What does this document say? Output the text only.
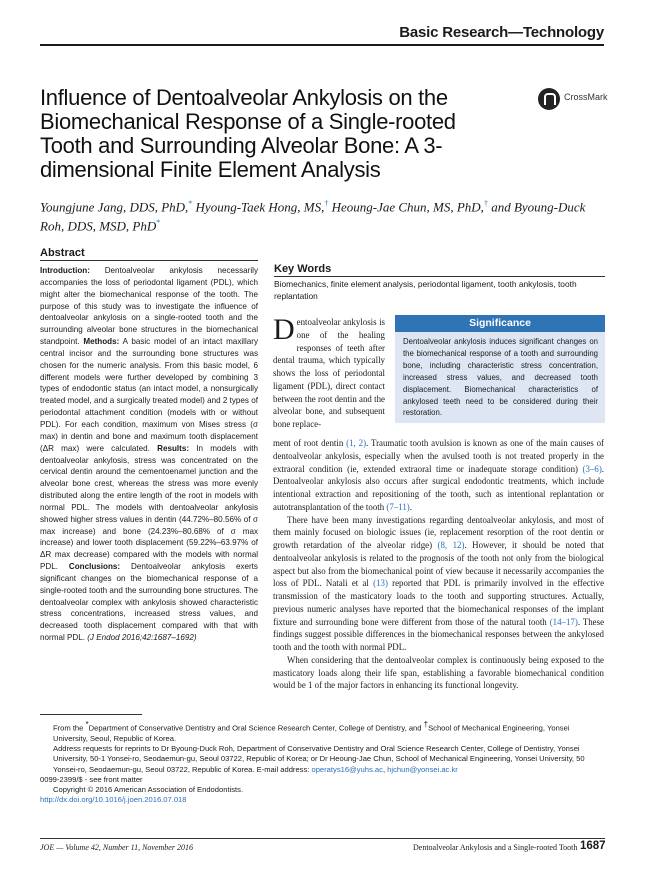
Basic Research—Technology
Influence of Dentoalveolar Ankylosis on the Biomechanical Response of a Single-rooted Tooth and Surrounding Alveolar Bone: A 3-dimensional Finite Element Analysis
CrossMark
Youngjune Jang, DDS, PhD,* Hyoung-Taek Hong, MS,† Heoung-Jae Chun, MS, PhD,† and Byoung-Duck Roh, DDS, MSD, PhD*
Abstract
Introduction: Dentoalveolar ankylosis necessarily accompanies the loss of periodontal ligament (PDL), which might alter the biomechanical response of the tooth. The purpose of this study was to investigate the influence of dentoalveolar ankylosis on a single-rooted tooth and the surrounding alveolar bone structures in the biomechanical standpoint. Methods: A basic model of an intact maxillary central incisor and the surrounding bone structures was chosen for the numeric analysis. From this basic model, 6 different models were further developed by combining 3 types of endodontic status (an intact model, a nonsurgically treated model, and a surgically treated model) and 2 types of periodontal attachment condition (models with or without PDL). For each condition, maximum von Mises stress (σ max) in dentin and bone and maximum tooth displacement (ΔR max) were calculated. Results: In models with dentoalveolar ankylosis, stress was concentrated on the cervical dentin around the cementoenamel junction and the alveolar bone crest, whereas the stress was more evenly distributed along the entire length of the root in models with normal PDL. The models with dentoalveolar ankylosis showed higher stress values in dentin (44.72%–80.56% of σ max increase) and bone (24.23%–80.68% of σ max increase) and lower tooth displacement (59.22%–63.97% of ΔR max decrease) compared with the models with normal PDL. Conclusions: Dentoalveolar ankylosis exerts significant changes on the biomechanical response of a single-rooted tooth and the surrounding bone structures. The dentoalveolar complex with ankylosis showed characteristic stress concentrations, increased stress values, and decreased tooth displacement compared with that with normal PDL. (J Endod 2016;42:1687–1692)
Key Words
Biomechanics, finite element analysis, periodontal ligament, tooth ankylosis, tooth replantation
Significance
Dentoalveolar ankylosis induces significant changes on the biomechanical response of a tooth and surrounding bone, including characteristic stress concentration, increased stress values, and decreased tooth displacement. Biomechanical characteristics of ankylosed teeth need to be considered during their restoration.
Dentoalveolar ankylosis is one of the healing responses of teeth after dental trauma, which typically shows the loss of periodontal ligament (PDL), direct contact between the root dentin and the alveolar bone, and subsequent bone replace-

ment of root dentin (1, 2). Traumatic tooth avulsion is known as one of the main causes of dentoalveolar ankylosis, especially when the avulsed tooth is not treated properly in the extraoral condition (ie, extended extraoral time or inadequate storage condition) (3–6). Dentoalveolar ankylosis also occurs after surgical endodontic treatments, which include intentional extraction and repositioning of the tooth, such as intentional replantation or autotransplantation of the tooth (7–11).

There have been many investigations regarding dentoalveolar ankylosis, and most of them mainly focused on biologic issues (ie, replacement resorption of the root dentin or growth retardation of the alveolar ridge) (8, 12). However, it should be noted that dentoalveolar ankylosis is related to the prognosis of the tooth not only from the biological aspect but also from the biomechanical point of view because it necessarily accompanies the loss of PDL. Natali et al (13) reported that PDL is primarily involved in the effective transmission of the masticatory loads to the tooth and supporting structures. Actually, previous numeric analyses have reported that the biomechanical responses of the implant fixture and surrounding bone were different from those of the natural tooth (14–17). These findings suggest possible differences in the biomechanical responses between the ankylosed tooth and the tooth with normal PDL.

When considering that the dentoalveolar complex is continuously being exposed to the masticatory loads along their life span, establishing a favorable biomechanical condition would be 1 of the major factors in enhancing its functional longevity.

From the *Department of Conservative Dentistry and Oral Science Research Center, College of Dentistry, and †School of Mechanical Engineering, Yonsei University, Seoul, Republic of Korea.

Address requests for reprints to Dr Byoung-Duck Roh, Department of Conservative Dentistry and Oral Science Research Center, College of Dentistry, Yonsei University, 50-1 Yonsei-ro, Seodaemun-gu, Seoul 03722, Republic of Korea; or Dr Heoung-Jae Chun, School of Mechanical Engineering, Yonsei University, 50 Yonsei-ro, Seodaemun-gu, Seoul 03722, Republic of Korea. E-mail address: operatys16@yuhs.ac, hjchun@yonsei.ac.kr

0099-2399/$ - see front matter

Copyright © 2016 American Association of Endodontists.

http://dx.doi.org/10.1016/j.joen.2016.07.018

JOE — Volume 42, Number 11, November 2016	Dentoalveolar Ankylosis and a Single-rooted Tooth 1687
